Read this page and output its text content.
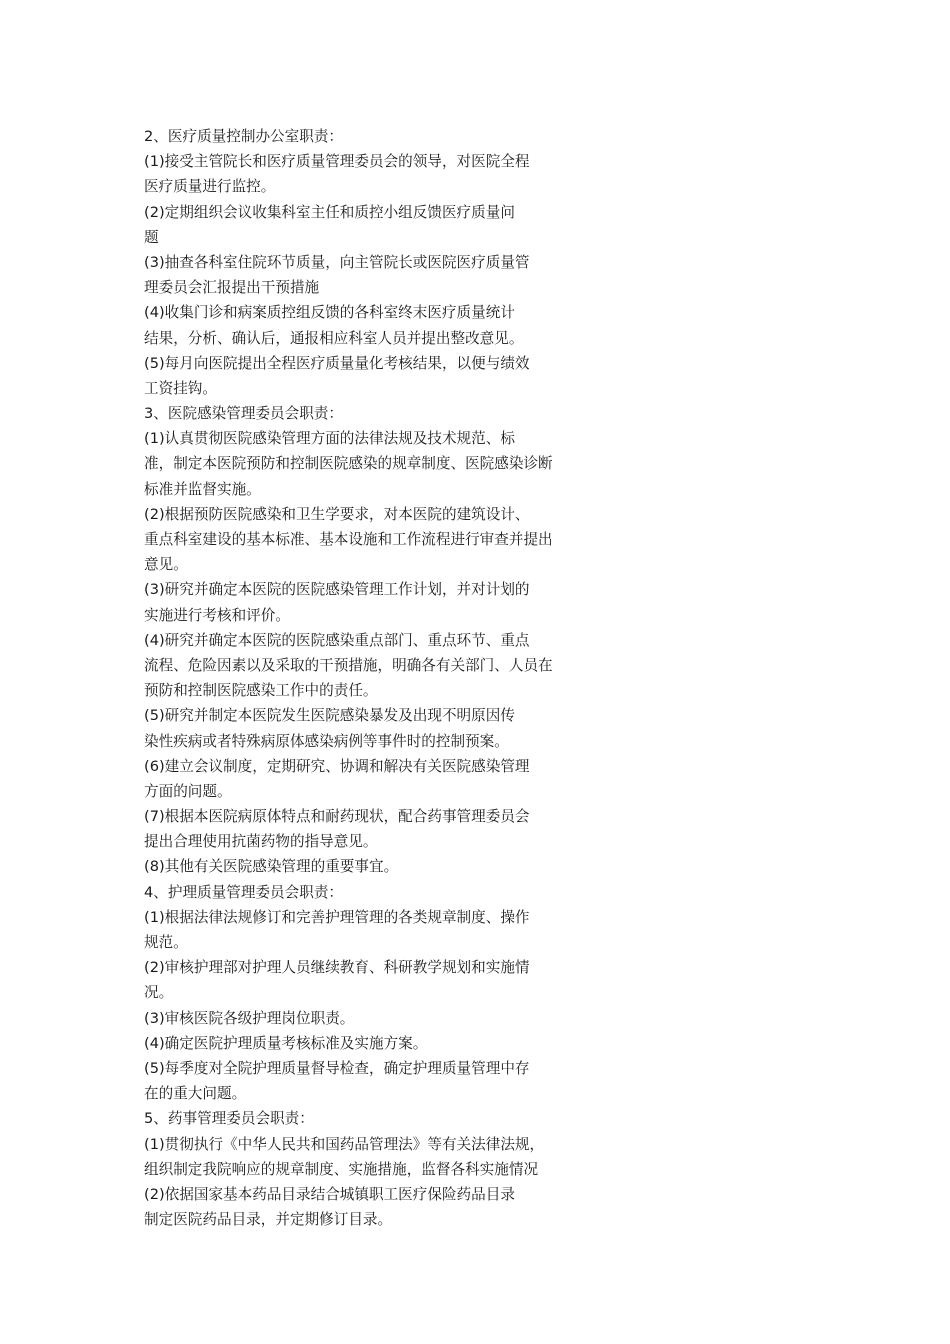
2、医疗质量控制办公室职责：
(1)接受主管院长和医疗质量管理委员会的领导，对医院全程
医疗质量进行监控。
(2)定期组织会议收集科室主任和质控小组反馈医疗质量问
题
(3)抽查各科室住院环节质量，向主管院长或医院医疗质量管
理委员会汇报提出干预措施
(4)收集门诊和病案质控组反馈的各科室终末医疗质量统计
结果，分析、确认后，通报相应科室人员并提出整改意见。
(5)每月向医院提出全程医疗质量量化考核结果，以便与绩效
工资挂钩。
3、医院感染管理委员会职责：
(1)认真贯彻医院感染管理方面的法律法规及技术规范、标
准，制定本医院预防和控制医院感染的规章制度、医院感染诊断
标准并监督实施。
(2)根据预防医院感染和卫生学要求，对本医院的建筑设计、
重点科室建设的基本标准、基本设施和工作流程进行审查并提出
意见。
(3)研究并确定本医院的医院感染管理工作计划，并对计划的
实施进行考核和评价。
(4)研究并确定本医院的医院感染重点部门、重点环节、重点
流程、危险因素以及采取的干预措施，明确各有关部门、人员在
预防和控制医院感染工作中的责任。
(5)研究并制定本医院发生医院感染暴发及出现不明原因传
染性疾病或者特殊病原体感染病例等事件时的控制预案。
(6)建立会议制度，定期研究、协调和解决有关医院感染管理
方面的问题。
(7)根据本医院病原体特点和耐药现状，配合药事管理委员会
提出合理使用抗菌药物的指导意见。
(8)其他有关医院感染管理的重要事宜。
4、护理质量管理委员会职责：
(1)根据法律法规修订和完善护理管理的各类规章制度、操作
规范。
(2)审核护理部对护理人员继续教育、科研教学规划和实施情
况。
(3)审核医院各级护理岗位职责。
(4)确定医院护理质量考核标准及实施方案。
(5)每季度对全院护理质量督导检查，确定护理质量管理中存
在的重大问题。
5、药事管理委员会职责：
(1)贯彻执行《中华人民共和国药品管理法》等有关法律法规，
组织制定我院响应的规章制度、实施措施，监督各科实施情况
(2)依据国家基本药品目录结合城镇职工医疗保险药品目录
制定医院药品目录，并定期修订目录。
